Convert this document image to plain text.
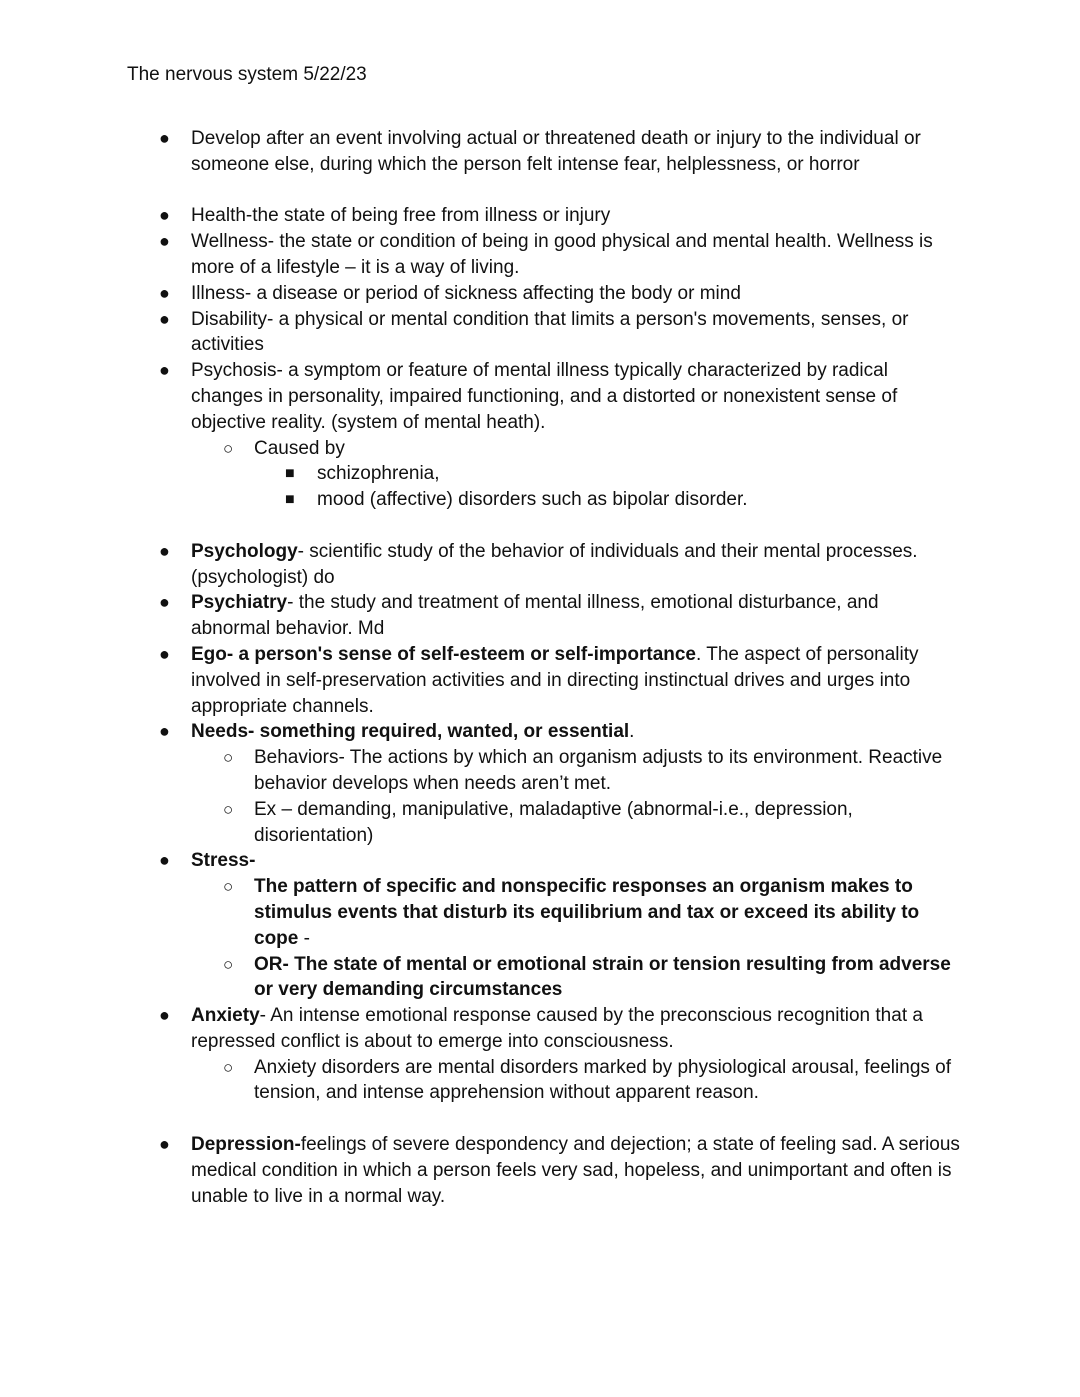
The nervous system 5/22/23
● Develop after an event involving actual or threatened death or injury to the individual or someone else, during which the person felt intense fear, helplessness, or horror
● Health-the state of being free from illness or injury
● Wellness- the state or condition of being in good physical and mental health. Wellness is more of a lifestyle – it is a way of living.
● Illness- a disease or period of sickness affecting the body or mind
● Disability- a physical or mental condition that limits a person's movements, senses, or activities
● Psychosis- a symptom or feature of mental illness typically characterized by radical changes in personality, impaired functioning, and a distorted or nonexistent sense of objective reality. (system of mental heath).
○ Caused by
■ schizophrenia,
■ mood (affective) disorders such as bipolar disorder.
● Psychology- scientific study of the behavior of individuals and their mental processes. (psychologist) do
● Psychiatry- the study and treatment of mental illness, emotional disturbance, and abnormal behavior. Md
● Ego- a person's sense of self-esteem or self-importance. The aspect of personality involved in self-preservation activities and in directing instinctual drives and urges into appropriate channels.
● Needs- something required, wanted, or essential.
○ Behaviors- The actions by which an organism adjusts to its environment. Reactive behavior develops when needs aren’t met.
○ Ex – demanding, manipulative, maladaptive (abnormal-i.e., depression, disorientation)
● Stress-
○ The pattern of specific and nonspecific responses an organism makes to stimulus events that disturb its equilibrium and tax or exceed its ability to cope -
○ OR- The state of mental or emotional strain or tension resulting from adverse or very demanding circumstances
● Anxiety- An intense emotional response caused by the preconscious recognition that a repressed conflict is about to emerge into consciousness.
○ Anxiety disorders are mental disorders marked by physiological arousal, feelings of tension, and intense apprehension without apparent reason.
● Depression-feelings of severe despondency and dejection; a state of feeling sad. A serious medical condition in which a person feels very sad, hopeless, and unimportant and often is unable to live in a normal way.
